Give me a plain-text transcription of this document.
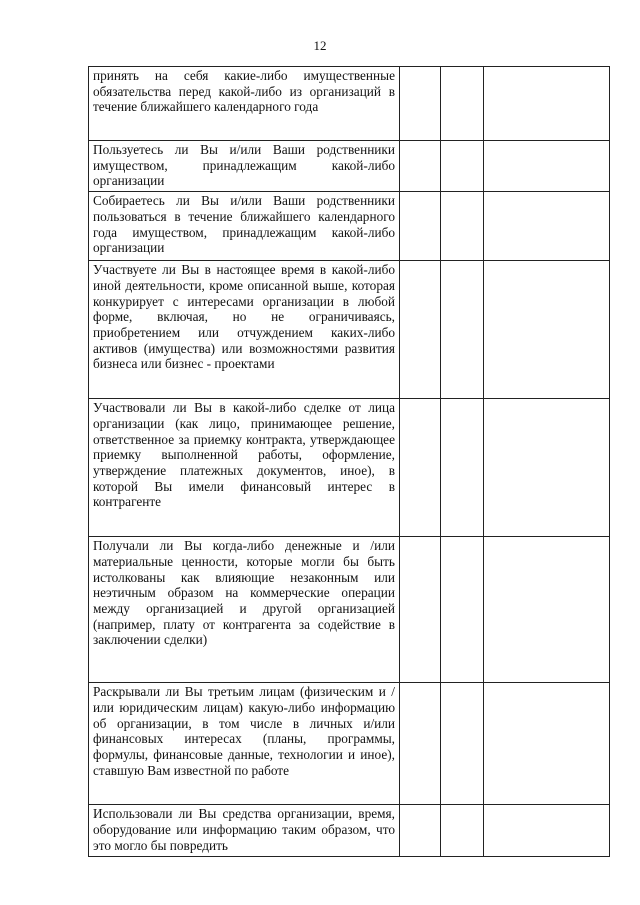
12
принять на себя какие-либо имущественные обязательства перед какой-либо из организаций в течение ближайшего календарного года			
Пользуетесь ли Вы и/или Ваши родственники имуществом, принадлежащим какой-либо организации			
Собираетесь ли Вы и/или Ваши родственники пользоваться в течение ближайшего календарного года имуществом, принадлежащим какой-либо организации			
Участвуете ли Вы в настоящее время в какой-либо иной деятельности, кроме описанной выше, которая конкурирует с интересами организации в любой форме, включая, но не ограничиваясь, приобретением или отчуждением каких-либо активов (имущества) или возможностями развития бизнеса или бизнес - проектами			
Участвовали ли Вы в какой-либо сделке от лица организации (как лицо, принимающее решение, ответственное за приемку контракта, утверждающее приемку выполненной работы, оформление, утверждение платежных документов, иное), в которой Вы имели финансовый интерес в контрагенте			
Получали ли Вы когда-либо денежные и /или материальные ценности, которые могли бы быть истолкованы как влияющие незаконным или неэтичным образом на коммерческие операции между организацией и другой организацией (например, плату от контрагента за содействие в заключении сделки)			
Раскрывали ли Вы третьим лицам (физическим и /или юридическим лицам) какую-либо информацию об организации, в том числе в личных и/или финансовых интересах (планы, программы, формулы, финансовые данные, технологии и иное), ставшую Вам известной по работе			
Использовали ли Вы средства организации, время, оборудование или информацию таким образом, что это могло бы повредить			
